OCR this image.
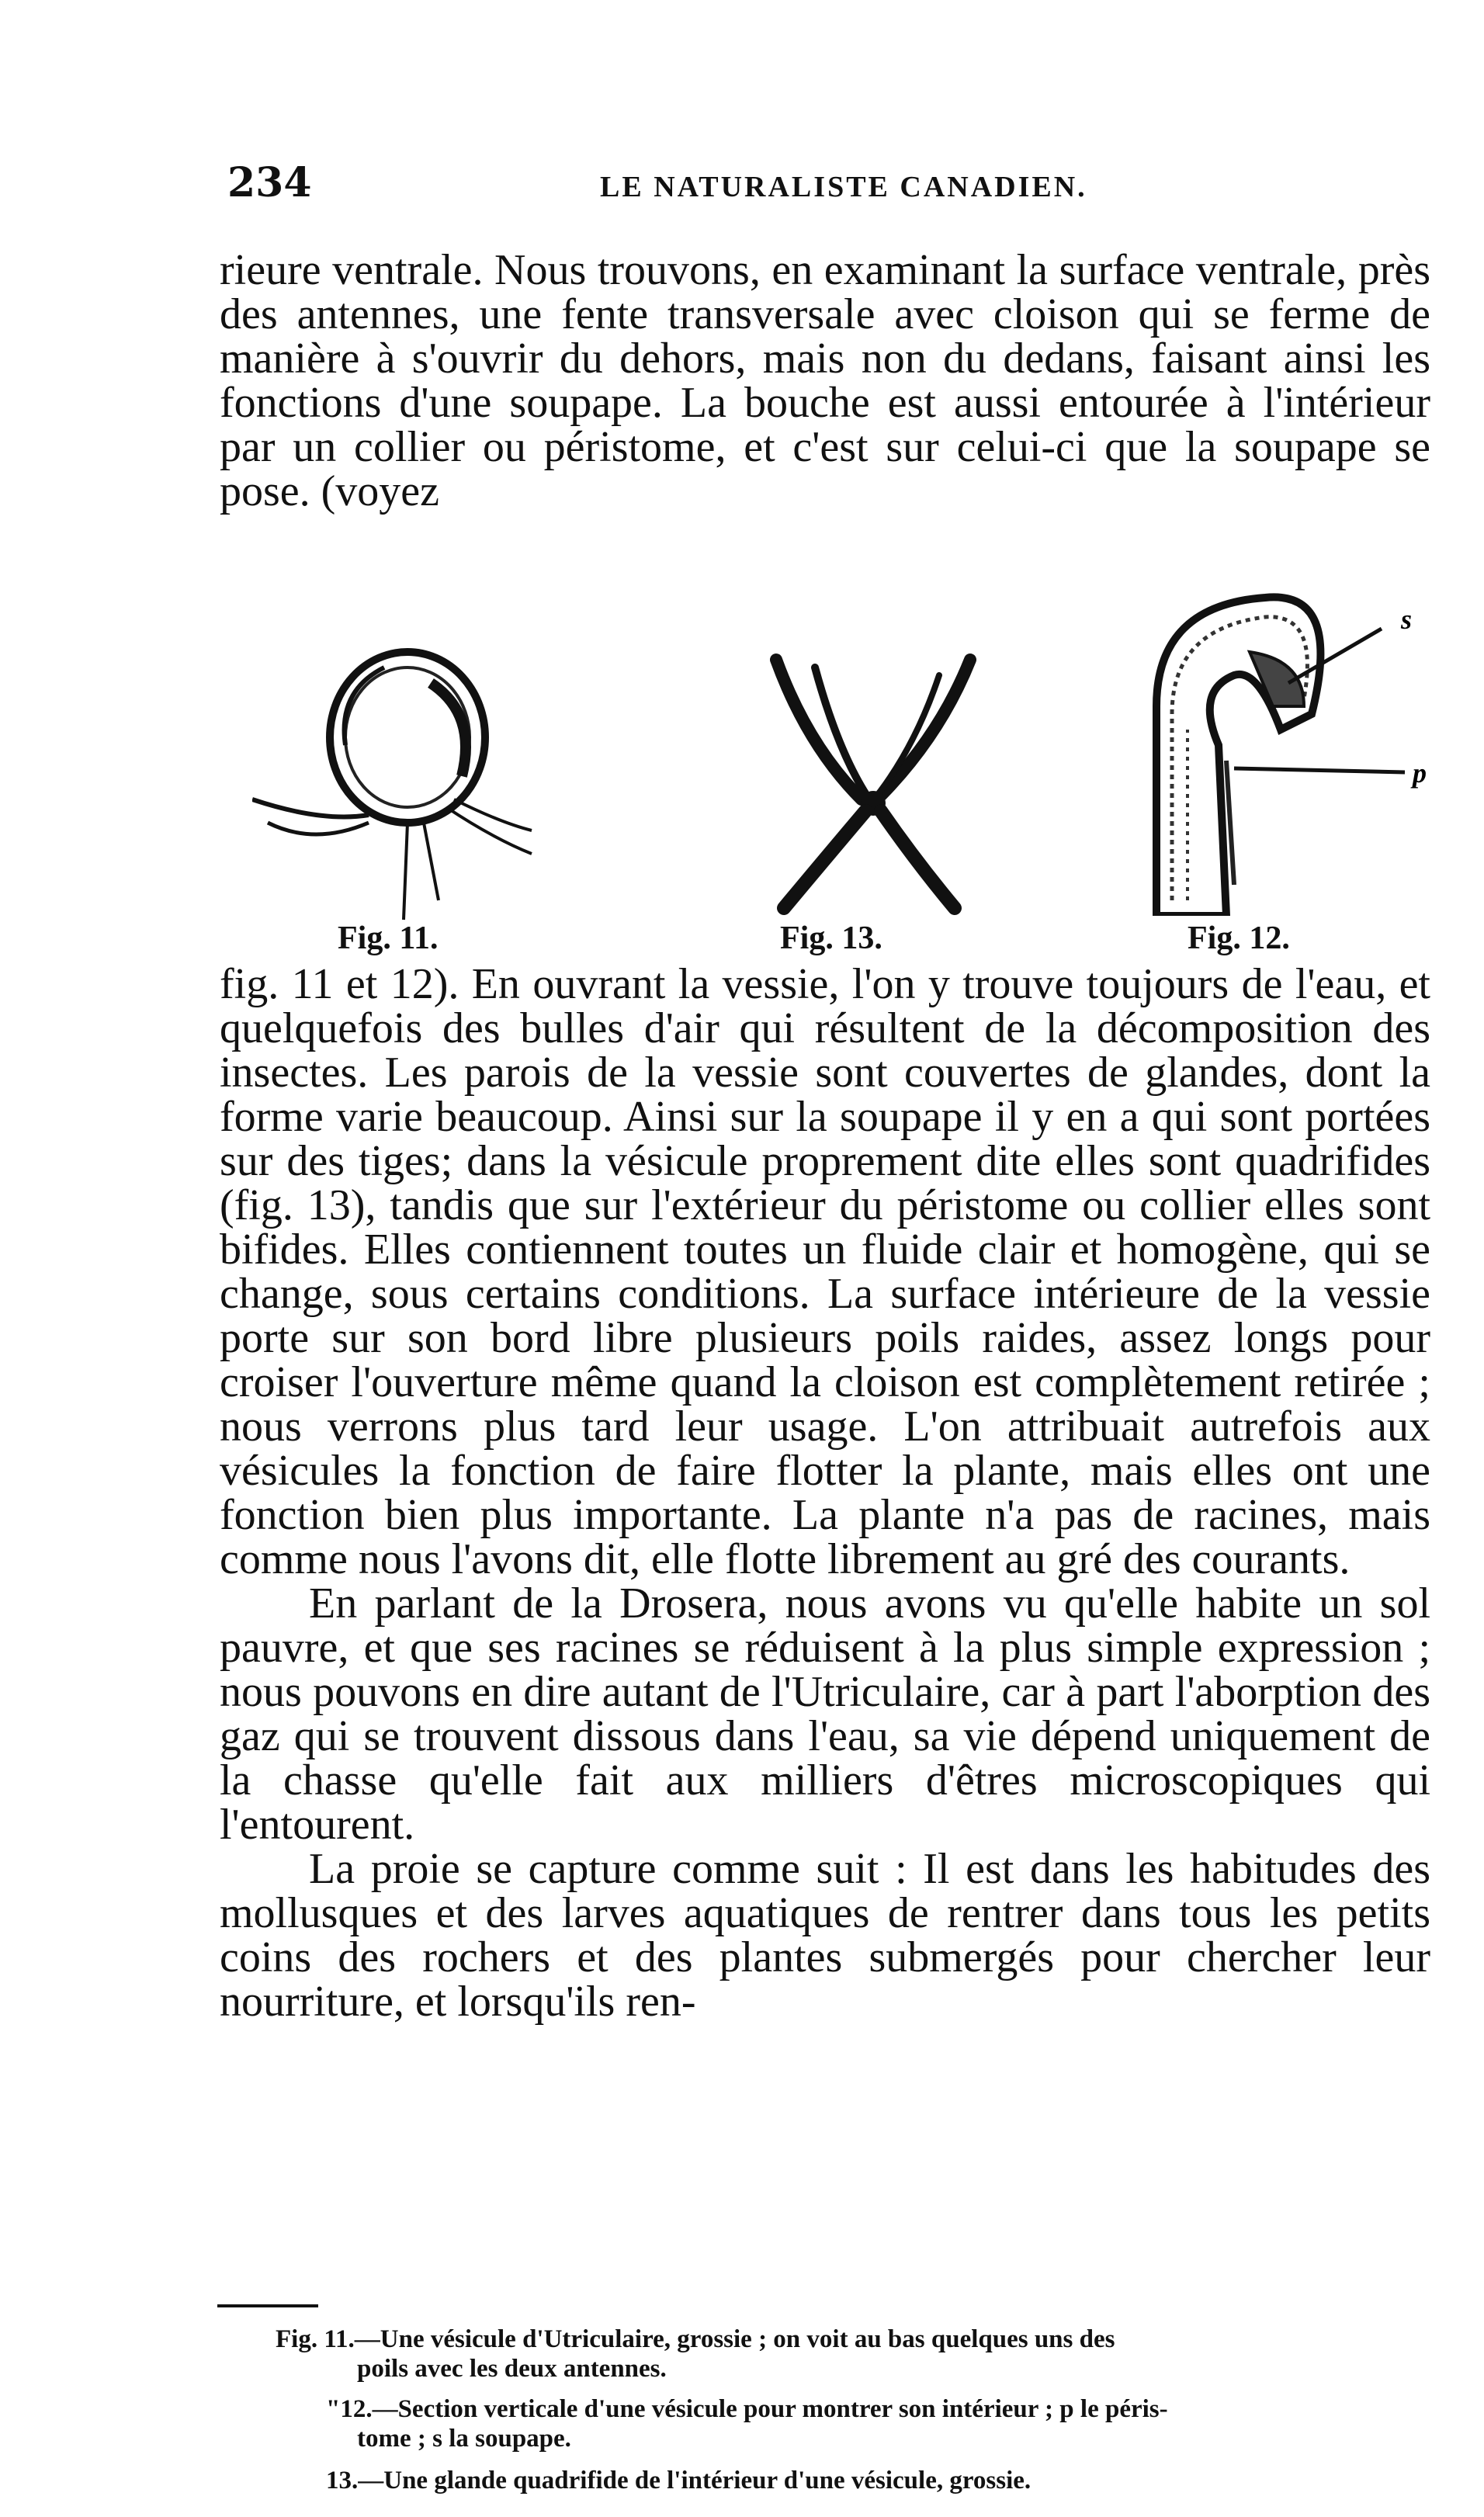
234	LE NATURALISTE CANADIEN.

rieure ventrale. Nous trouvons, en examinant la surface ventrale, près des antennes, une fente transversale avec cloison qui se ferme de manière à s'ouvrir du dehors, mais non du dedans, faisant ainsi les fonctions d'une soupape. La bouche est aussi entourée à l'intérieur par un collier ou péristome, et c'est sur celui-ci que la soupape se pose. (voyez

s
p
Fig. 11.	Fig. 13.	Fig. 12.

fig. 11 et 12). En ouvrant la vessie, l'on y trouve toujours de l'eau, et quelquefois des bulles d'air qui résultent de la décomposition des insectes. Les parois de la vessie sont couvertes de glandes, dont la forme varie beaucoup. Ainsi sur la soupape il y en a qui sont portées sur des tiges; dans la vésicule proprement dite elles sont quadrifides (fig. 13), tandis que sur l'extérieur du péristome ou collier elles sont bifides. Elles contiennent toutes un fluide clair et homogène, qui se change, sous certains conditions. La surface intérieure de la vessie porte sur son bord libre plusieurs poils raides, assez longs pour croiser l'ouverture même quand la cloison est complètement retirée ; nous verrons plus tard leur usage. L'on attribuait autrefois aux vésicules la fonction de faire flotter la plante, mais elles ont une fonction bien plus importante. La plante n'a pas de racines, mais comme nous l'avons dit, elle flotte librement au gré des courants.

En parlant de la Drosera, nous avons vu qu'elle habite un sol pauvre, et que ses racines se réduisent à la plus simple expression ; nous pouvons en dire autant de l'Utriculaire, car à part l'aborption des gaz qui se trouvent dissous dans l'eau, sa vie dépend uniquement de la chasse qu'elle fait aux milliers d'êtres microscopiques qui l'entourent.

La proie se capture comme suit : Il est dans les habitudes des mollusques et des larves aquatiques de rentrer dans tous les petits coins des rochers et des plantes submergés pour chercher leur nourriture, et lorsqu'ils ren-

Fig. 11.—Une vésicule d'Utriculaire, grossie ; on voit au bas quelques uns des
poils avec les deux antennes.
"12.—Section verticale d'une vésicule pour montrer son intérieur ; p le péris-
tome ; s la soupape.
13.—Une glande quadrifide de l'intérieur d'une vésicule, grossie.
